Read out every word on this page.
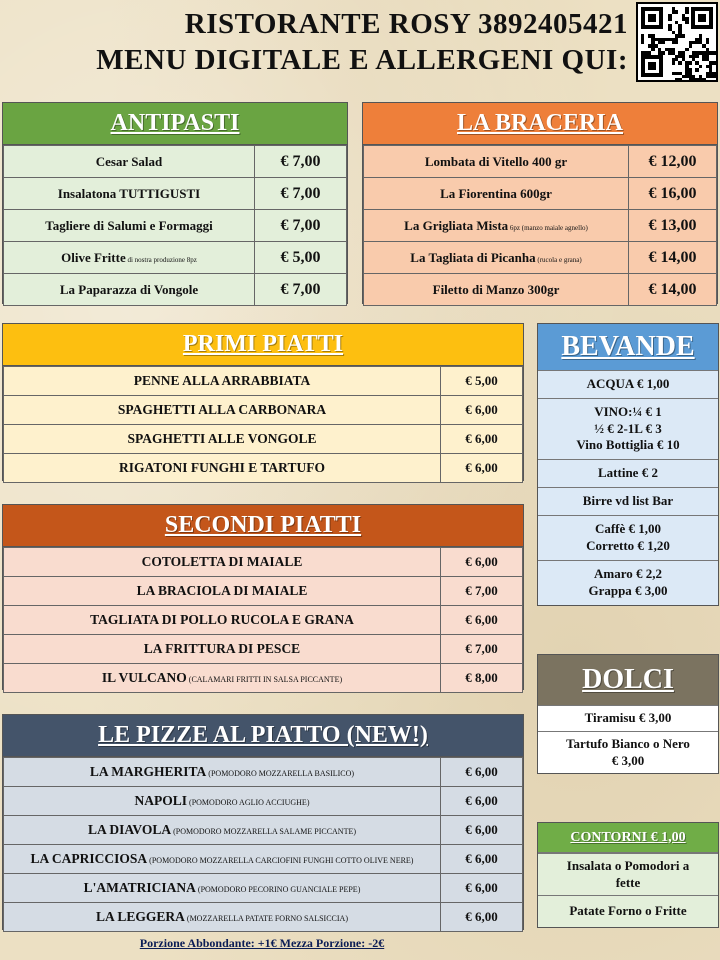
RISTORANTE ROSY 3892405421
MENU DIGITALE E ALLERGENI QUI:
ANTIPASTI
Cesar Salad	€ 7,00
Insalatona TUTTIGUSTI	€ 7,00
Tagliere di Salumi e Formaggi	€ 7,00
Olive Fritte di nostra produzione 8pz	€ 5,00
La Paparazza di Vongole	€ 7,00
LA BRACERIA
Lombata di Vitello 400 gr	€ 12,00
La Fiorentina 600gr	€ 16,00
La Grigliata Mista 6pz (manzo maiale agnello)	€ 13,00
La Tagliata di Picanha (rucola e grana)	€ 14,00
Filetto di Manzo 300gr	€ 14,00
PRIMI PIATTI
PENNE ALLA ARRABBIATA	€ 5,00
SPAGHETTI ALLA CARBONARA	€ 6,00
SPAGHETTI ALLE VONGOLE	€ 6,00
RIGATONI FUNGHI E TARTUFO	€ 6,00
SECONDI PIATTI
COTOLETTA DI MAIALE	€ 6,00
LA BRACIOLA DI MAIALE	€ 7,00
TAGLIATA DI POLLO RUCOLA E GRANA	€ 6,00
LA FRITTURA DI PESCE	€ 7,00
IL VULCANO (CALAMARI FRITTI IN SALSA PICCANTE)	€ 8,00
LE PIZZE AL PIATTO (NEW!)
LA MARGHERITA (POMODORO MOZZARELLA BASILICO)	€ 6,00
NAPOLI (POMODORO AGLIO ACCIUGHE)	€ 6,00
LA DIAVOLA (POMODORO MOZZARELLA SALAME PICCANTE)	€ 6,00
LA CAPRICCIOSA (POMODORO MOZZARELLA CARCIOFINI FUNGHI COTTO OLIVE NERE)	€ 6,00
L'AMATRICIANA (POMODORO PECORINO GUANCIALE PEPE)	€ 6,00
LA LEGGERA (MOZZARELLA PATATE FORNO SALSICCIA)	€ 6,00
Porzione Abbondante: +1€ Mezza Porzione: -2€
BEVANDE
ACQUA € 1,00
VINO:¼ € 1
½ € 2-1L € 3
Vino Bottiglia € 10
Lattine € 2
Birre vd list Bar
Caffè € 1,00
Corretto € 1,20
Amaro € 2,2
Grappa € 3,00
DOLCI
Tiramisu € 3,00
Tartufo Bianco o Nero
€ 3,00
CONTORNI € 1,00
Insalata o Pomodori a
fette
Patate Forno o Fritte
